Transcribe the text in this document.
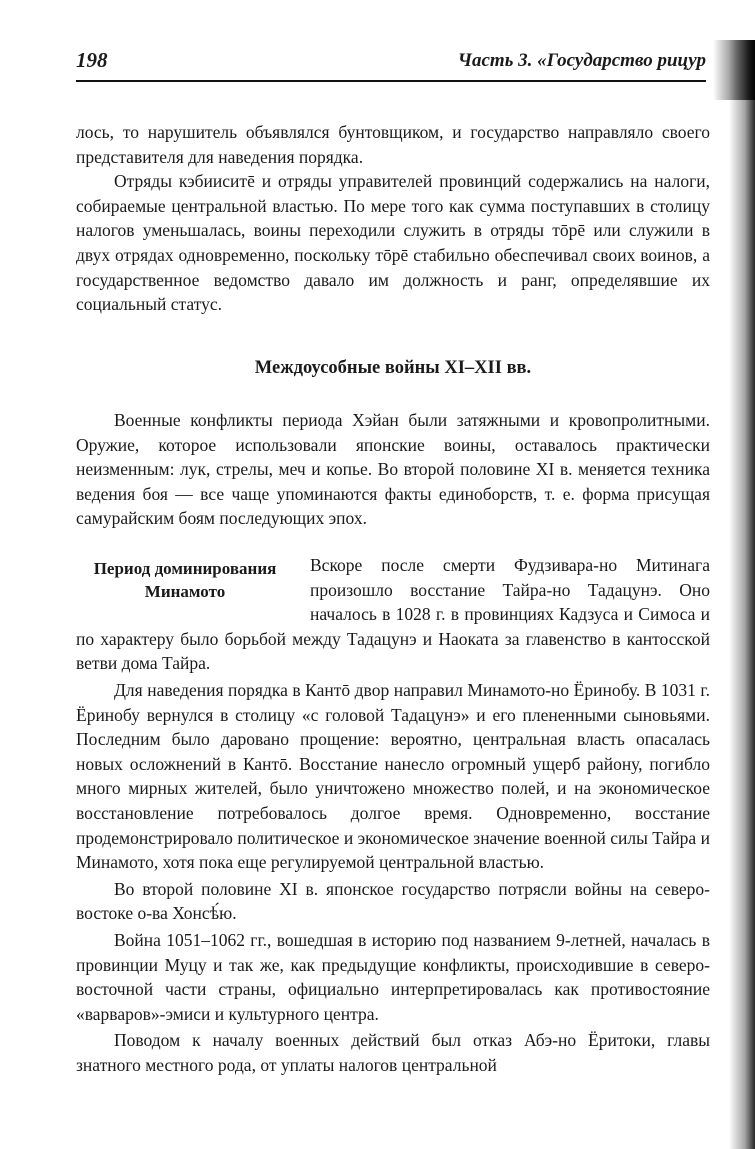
198	Часть 3. «Государство рицур

лось, то нарушитель объявлялся бунтовщиком, и государство направляло своего представителя для наведения порядка.

Отряды кэбииситē и отряды управителей провинций содержались на налоги, собираемые центральной властью. По мере того как сумма поступавших в столицу налогов уменьшалась, воины переходили служить в отряды тōрē или служили в двух отрядах одновременно, поскольку тōрē стабильно обеспечивал своих воинов, а государственное ведомство давало им должность и ранг, определявшие их социальный статус.

Междоусобные войны XI–XII вв.

Военные конфликты периода Хэйан были затяжными и кровопролитными. Оружие, которое использовали японские воины, оставалось практически неизменным: лук, стрелы, меч и копье. Во второй половине XI в. меняется техника ведения боя — все чаще упоминаются факты единоборств, т. е. форма присущая самурайским боям последующих эпох.

Период доминирования Минамото

Вскоре после смерти Фудзивара-но Митинага произошло восстание Тайра-но Тадацунэ. Оно началось в 1028 г. в провинциях Кадзуса и Симоса и по характеру было борьбой между Тадацунэ и Наоката за главенство в кантосской ветви дома Тайра.

Для наведения порядка в Кантō двор направил Минамото-но Ёринобу. В 1031 г. Ёринобу вернулся в столицу «с головой Тадацунэ» и его плененными сыновьями. Последним было даровано прощение: вероятно, центральная власть опасалась новых осложнений в Кантō. Восстание нанесло огромный ущерб району, погибло много мирных жителей, было уничтожено множество полей, и на экономическое восстановление потребовалось долгое время. Одновременно, восстание продемонстрировало политическое и экономическое значение военной силы Тайра и Минамото, хотя пока еще регулируемой центральной властью.

Во второй половине XI в. японское государство потрясли войны на северо-востоке о-ва Хонсѣ́ю.

Война 1051–1062 гг., вошедшая в историю под названием 9-летней, началась в провинции Муцу и так же, как предыдущие конфликты, происходившие в северо-восточной части страны, официально интерпретировалась как противостояние «варваров»-эмиси и культурного центра.

Поводом к началу военных действий был отказ Абэ-но Ёритоки, главы знатного местного рода, от уплаты налогов центральной
